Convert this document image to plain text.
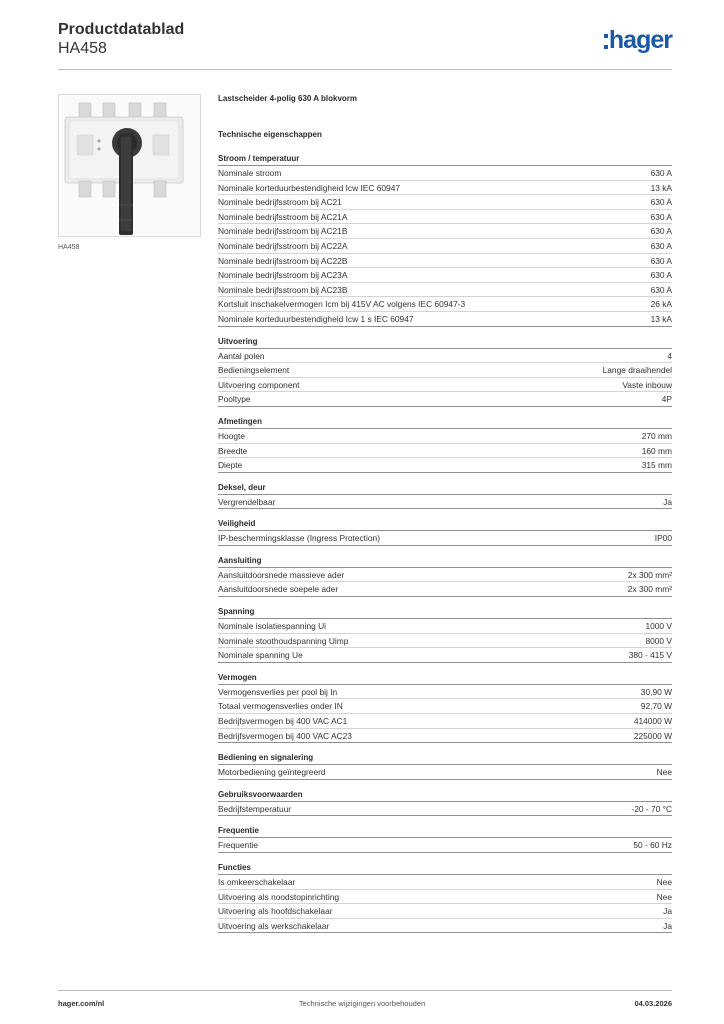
Productdatablad
HA458	hager
HA458
Lastscheider 4-polig 630 A blokvorm
Technische eigenschappen
Stroom / temperatuur
Nominale stroom	630 A
Nominale korteduurbestendigheid Icw IEC 60947	13 kA
Nominale bedrijfsstroom bij AC21	630 A
Nominale bedrijfsstroom bij AC21A	630 A
Nominale bedrijfsstroom bij AC21B	630 A
Nominale bedrijfsstroom bij AC22A	630 A
Nominale bedrijfsstroom bij AC22B	630 A
Nominale bedrijfsstroom bij AC23A	630 A
Nominale bedrijfsstroom bij AC23B	630 A
Kortsluit inschakelvermogen Icm bij 415V AC volgens IEC 60947-3	26 kA
Nominale korteduurbestendigheid Icw 1 s IEC 60947	13 kA
Uitvoering
Aantal polen	4
Bedieningselement	Lange draaihendel
Uitvoering component	Vaste inbouw
Pooltype	4P
Afmetingen
Hoogte	270 mm
Breedte	160 mm
Diepte	315 mm
Deksel, deur
Vergrendelbaar	Ja
Veiligheid
IP-beschermingsklasse (Ingress Protection)	IP00
Aansluiting
Aansluitdoorsnede massieve ader	2x 300 mm²
Aansluitdoorsnede soepele ader	2x 300 mm²
Spanning
Nominale isolatiespanning Ui	1000 V
Nominale stoothoudspanning Uimp	8000 V
Nominale spanning Ue	380 - 415 V
Vermogen
Vermogensverlies per pool bij In	30,90 W
Totaal vermogensverlies onder IN	92,70 W
Bedrijfsvermogen bij 400 VAC AC1	414000 W
Bedrijfsvermogen bij 400 VAC AC23	225000 W
Bediening en signalering
Motorbediening geïntegreerd	Nee
Gebruiksvoorwaarden
Bedrijfstemperatuur	-20 - 70 °C
Frequentie
Frequentie	50 - 60 Hz
Functies
Is omkeerschakelaar	Nee
Uitvoering als noodstopinrichting	Nee
Uitvoering als hoofdschakelaar	Ja
Uitvoering als werkschakelaar	Ja
hager.com/nl	Technische wijzigingen voorbehouden	04.03.2026
